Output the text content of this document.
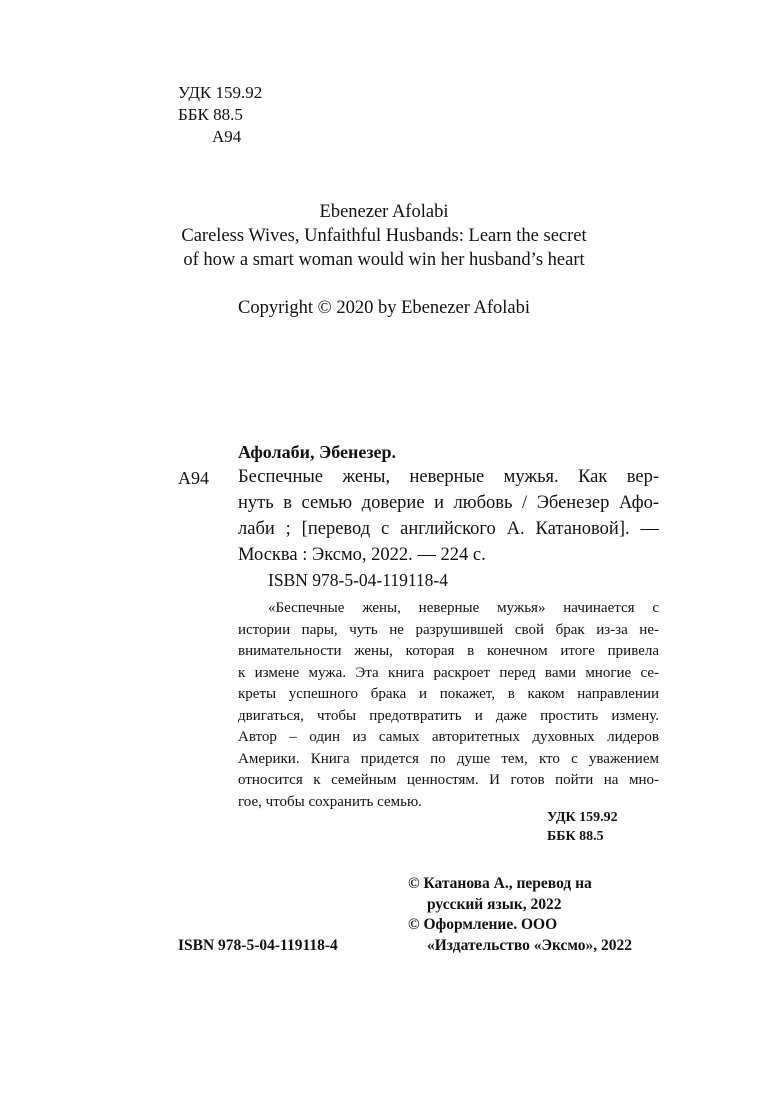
УДК 159.92
ББК 88.5
А94
Ebenezer Afolabi
Careless Wives, Unfaithful Husbands: Learn the secret
of how a smart woman would win her husband’s heart
Copyright © 2020 by Ebenezer Afolabi
Афолаби, Эбенезер.
А94 Беспечные жены, неверные мужья. Как вер-
нуть в семью доверие и любовь / Эбенезер Афо-
лаби ; [перевод с английского А. Катановой]. —
Москва : Эксмо, 2022. — 224 с.
ISBN 978-5-04-119118-4
«Беспечные жены, неверные мужья» начинается с
истории пары, чуть не разрушившей свой брак из-за не-
внимательности жены, которая в конечном итоге привела
к измене мужа. Эта книга раскроет перед вами многие се-
креты успешного брака и покажет, в каком направлении
двигаться, чтобы предотвратить и даже простить измену.
Автор – один из самых авторитетных духовных лидеров
Америки. Книга придется по душе тем, кто с уважением
относится к семейным ценностям. И готов пойти на мно-
гое, чтобы сохранить семью.
УДК 159.92
ББК 88.5
© Катанова А., перевод на
русский язык, 2022
© Оформление. ООО
«Издательство «Эксмо», 2022
ISBN 978-5-04-119118-4
